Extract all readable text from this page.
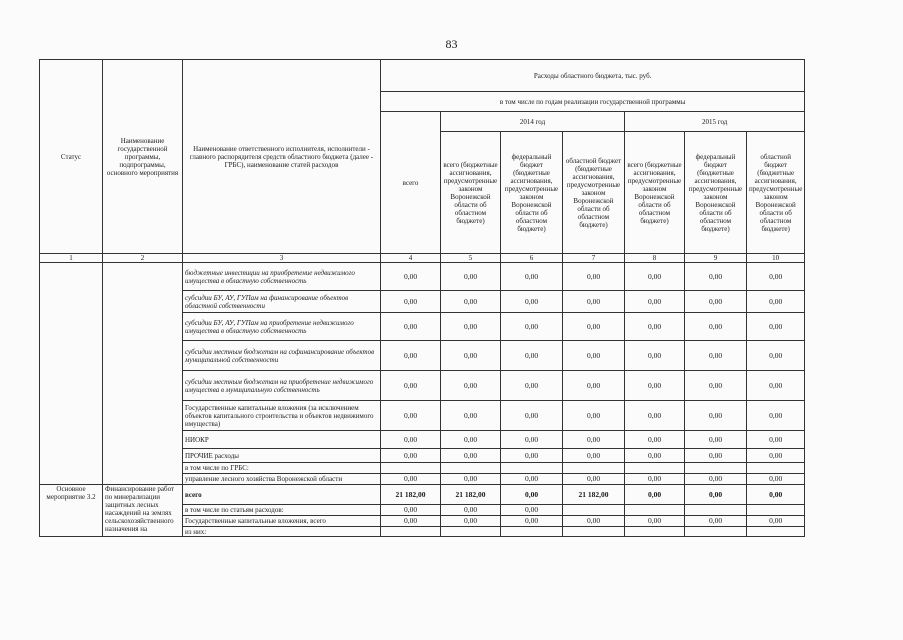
83
Статус	Наименование государственной программы, подпрограммы, основного мероприятия	Наименование ответственного исполнителя, исполнители - главного распорядителя средств областного бюджета (далее - ГРБС), наименование статей расходов	Расходы областного бюджета, тыс. руб.						
			в том числе по годам реализации государственной программы						
			всего	2014 год			2015 год		
				всего (бюджетные ассигнования, предусмотренные законом Воронежской области об областном бюджете)	федеральный бюджет (бюджетные ассигнования, предусмотренные законом Воронежской области об областном бюджете)	областной бюджет (бюджетные ассигнования, предусмотренные законом Воронежской области об областном бюджете)	всего (бюджетные ассигнования, предусмотренные законом Воронежской области об областном бюджете)	федеральный бюджет (бюджетные ассигнования, предусмотренные законом Воронежской области об областном бюджете)	областной бюджет (бюджетные ассигнования, предусмотренные законом Воронежской области об областном бюджете)
1	2	3	4	5	6	7	8	9	10
		бюджетные инвестиции на приобретение недвижимого имущества в областную собственность	0,00	0,00	0,00	0,00	0,00	0,00	0,00
		субсидии БУ, АУ, ГУПам на финансирование объектов областной собственности	0,00	0,00	0,00	0,00	0,00	0,00	0,00
		субсидии БУ, АУ, ГУПам на приобретение недвижимого имущества в областную собственность	0,00	0,00	0,00	0,00	0,00	0,00	0,00
		субсидии местным бюджетам на софинансирование объектов муниципальной собственности	0,00	0,00	0,00	0,00	0,00	0,00	0,00
		субсидии местным бюджетам на приобретение недвижимого имущества в муниципальную собственность	0,00	0,00	0,00	0,00	0,00	0,00	0,00
		Государственные капитальные вложения (за исключением объектов капитального строительства и объектов недвижимого имущества)	0,00	0,00	0,00	0,00	0,00	0,00	0,00
		НИОКР	0,00	0,00	0,00	0,00	0,00	0,00	0,00
		ПРОЧИЕ расходы	0,00	0,00	0,00	0,00	0,00	0,00	0,00
		в том числе по ГРБС:							
		управление лесного хозяйства Воронежской области	0,00	0,00	0,00	0,00	0,00	0,00	0,00
Основное мероприятие 3.2	Финансирование работ по минерализации защитных лесных насаждений на землях сельскохозяйственного назначения на	всего	21 182,00	21 182,00	0,00	21 182,00	0,00	0,00	0,00
		в том числе по статьям расходов:	0,00	0,00	0,00				
		Государственные капитальные вложения, всего	0,00	0,00	0,00	0,00	0,00	0,00	0,00
		из них:							
